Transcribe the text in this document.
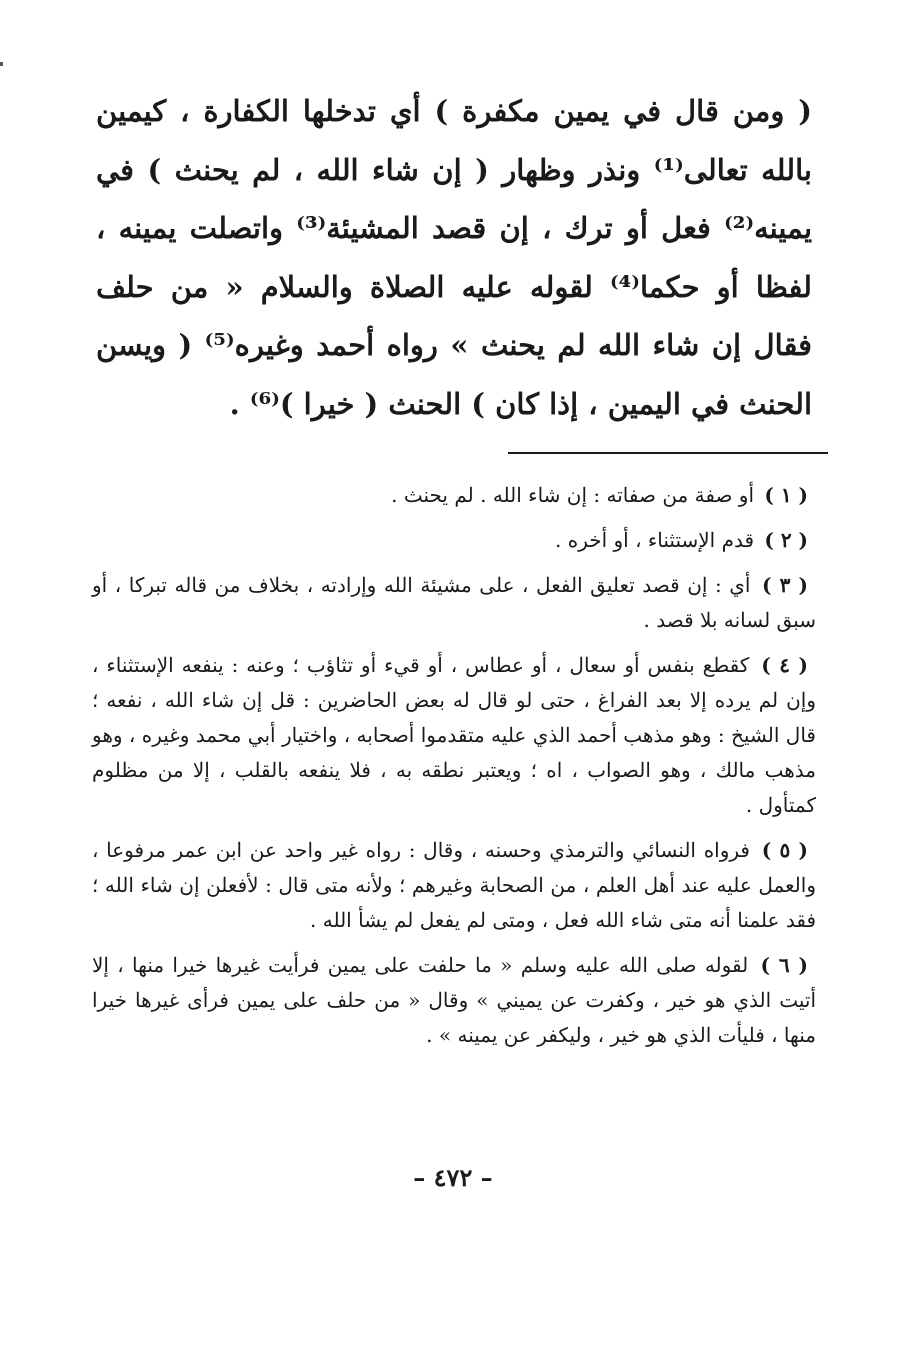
( ومن قال في يمين مكفرة ) أي تدخلها الكفارة ، كيمين
بالله تعالى⁽¹⁾ ونذر وظهار ( إن شاء الله ، لم يحنث ) في
يمينه⁽²⁾ فعل أو ترك ، إن قصد المشيئة⁽³⁾ واتصلت يمينه ،
لفظا أو حكما⁽⁴⁾ لقوله عليه الصلاة والسلام « من حلف
فقال إن شاء الله لم يحنث » رواه أحمد وغيره⁽⁵⁾ ( ويسن
الحنث في اليمين ، إذا كان ) الحنث ( خيرا )⁽⁶⁾ .
( ١ ) أو صفة من صفاته : إن شاء الله . لم يحنث .
( ٢ ) قدم الإستثناء ، أو أخره .
( ٣ ) أي : إن قصد تعليق الفعل ، على مشيئة الله وإرادته ، بخلاف من قاله تبركا ، أو سبق لسانه بلا قصد .
( ٤ ) كقطع بنفس أو سعال ، أو عطاس ، أو قيء أو تثاؤب ؛ وعنه : ينفعه الإستثناء ، وإن لم يرده إلا بعد الفراغ ، حتى لو قال له بعض الحاضرين : قل إن شاء الله ، نفعه ؛ قال الشيخ : وهو مذهب أحمد الذي عليه متقدموا أصحابه ، واختيار أبي محمد وغيره ، وهو مذهب مالك ، وهو الصواب ، اه ؛ ويعتبر نطقه به ، فلا ينفعه بالقلب ، إلا من مظلوم كمتأول .
( ٥ ) فرواه النسائي والترمذي وحسنه ، وقال : رواه غير واحد عن ابن عمر مرفوعا ، والعمل عليه عند أهل العلم ، من الصحابة وغيرهم ؛ ولأنه متى قال : لأفعلن إن شاء الله ؛ فقد علمنا أنه متى شاء الله فعل ، ومتى لم يفعل لم يشأ الله .
( ٦ ) لقوله صلى الله عليه وسلم « ما حلفت على يمين فرأيت غيرها خيرا منها ، إلا أتيت الذي هو خير ، وكفرت عن يميني » وقال « من حلف على يمين فرأى غيرها خيرا منها ، فليأت الذي هو خير ، وليكفر عن يمينه » .
– ٤٧٢ –
